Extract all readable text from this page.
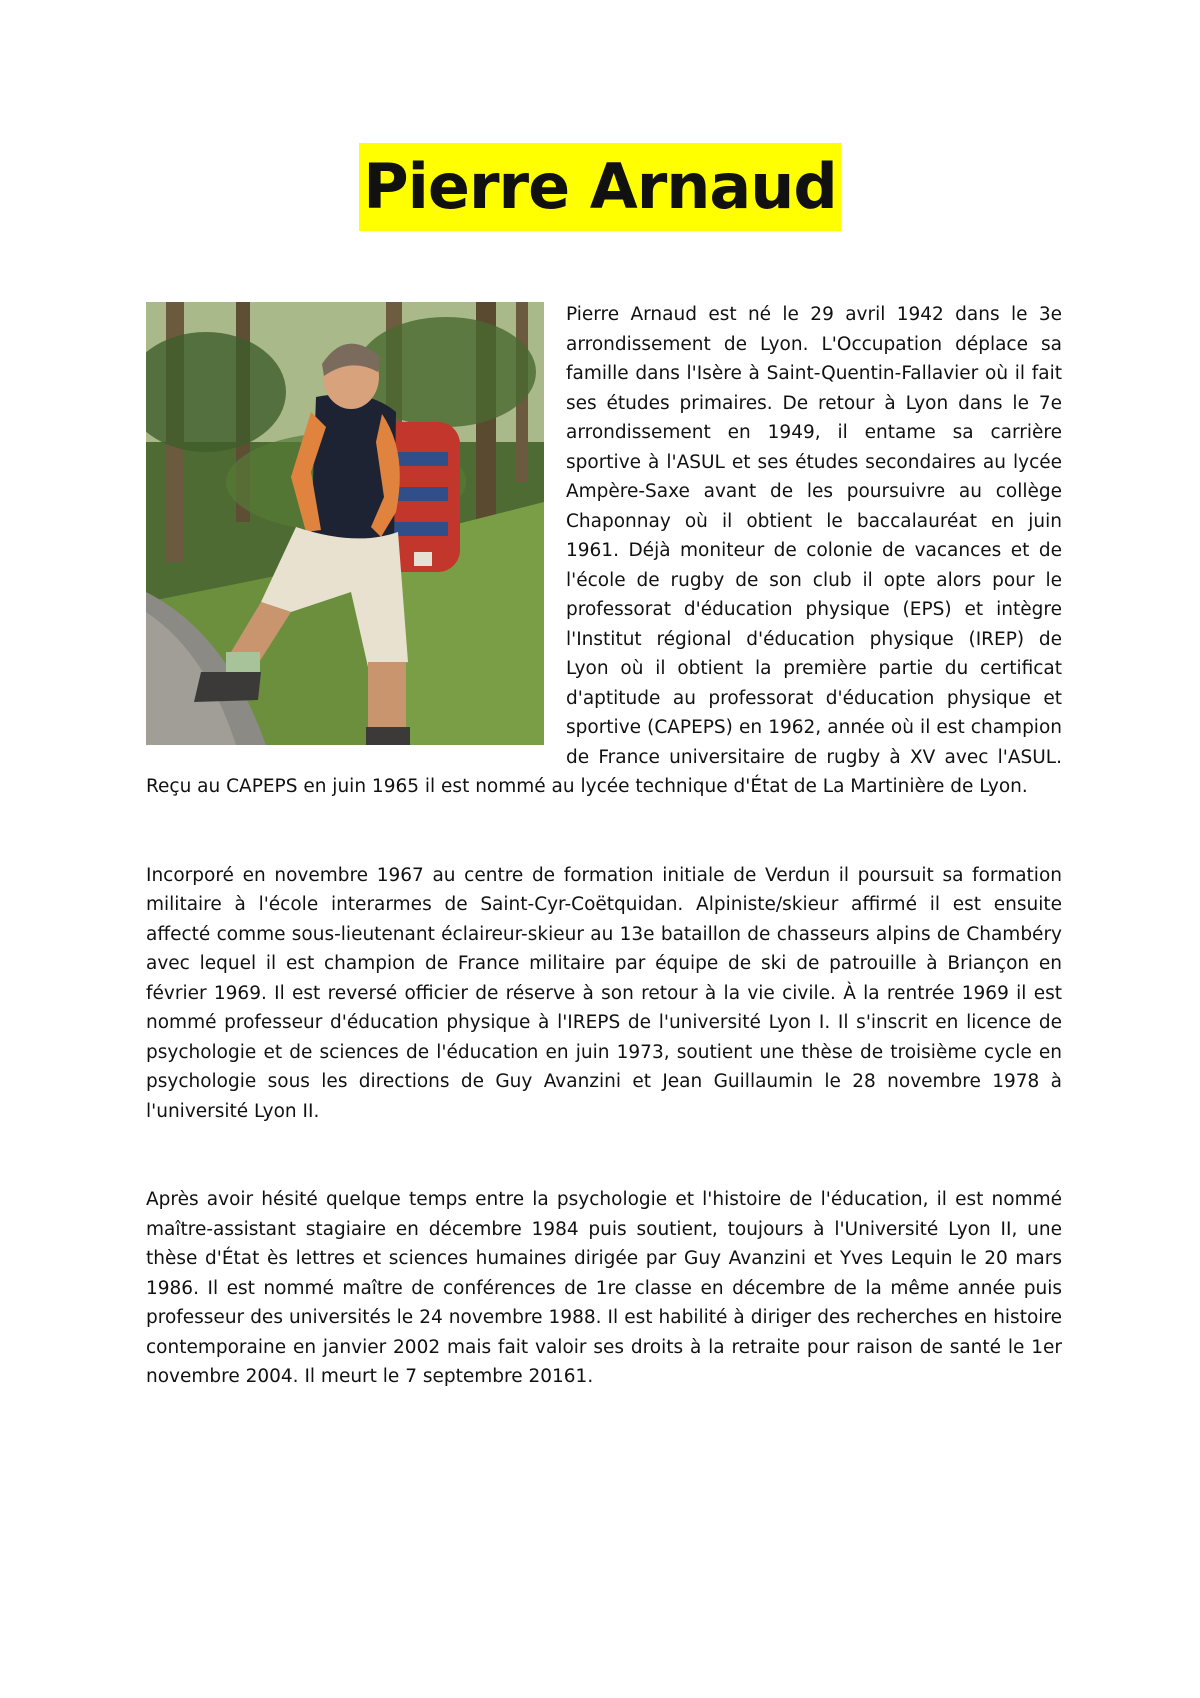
Pierre Arnaud

Pierre Arnaud est né le 29 avril 1942 dans le 3e arrondissement de Lyon. L'Occupation déplace sa famille dans l'Isère à Saint-Quentin-Fallavier où il fait ses études primaires. De retour à Lyon dans le 7e arrondissement en 1949, il entame sa carrière sportive à l'ASUL et ses études secondaires au lycée Ampère-Saxe avant de les poursuivre au collège Chaponnay où il obtient le baccalauréat en juin 1961. Déjà moniteur de colonie de vacances et de l'école de rugby de son club il opte alors pour le professorat d'éducation physique (EPS) et intègre l'Institut régional d'éducation physique (IREP) de Lyon où il obtient la première partie du certificat d'aptitude au professorat d'éducation physique et sportive (CAPEPS) en 1962, année où il est champion de France universitaire de rugby à XV avec l'ASUL. Reçu au CAPEPS en juin 1965 il est nommé au lycée technique d'État de La Martinière de Lyon.

Incorporé en novembre 1967 au centre de formation initiale de Verdun il poursuit sa formation militaire à l'école interarmes de Saint-Cyr-Coëtquidan. Alpiniste/skieur affirmé il est ensuite affecté comme sous-lieutenant éclaireur-skieur au 13e bataillon de chasseurs alpins de Chambéry avec lequel il est champion de France militaire par équipe de ski de patrouille à Briançon en février 1969. Il est reversé officier de réserve à son retour à la vie civile. À la rentrée 1969 il est nommé professeur d'éducation physique à l'IREPS de l'université Lyon I. Il s'inscrit en licence de psychologie et de sciences de l'éducation en juin 1973, soutient une thèse de troisième cycle en psychologie sous les directions de Guy Avanzini et Jean Guillaumin le 28 novembre 1978 à l'université Lyon II.

Après avoir hésité quelque temps entre la psychologie et l'histoire de l'éducation, il est nommé maître-assistant stagiaire en décembre 1984 puis soutient, toujours à l'Université Lyon II, une thèse d'État ès lettres et sciences humaines dirigée par Guy Avanzini et Yves Lequin le 20 mars 1986. Il est nommé maître de conférences de 1re classe en décembre de la même année puis professeur des universités le 24 novembre 1988. Il est habilité à diriger des recherches en histoire contemporaine en janvier 2002 mais fait valoir ses droits à la retraite pour raison de santé le 1er novembre 2004. Il meurt le 7 septembre 20161.
